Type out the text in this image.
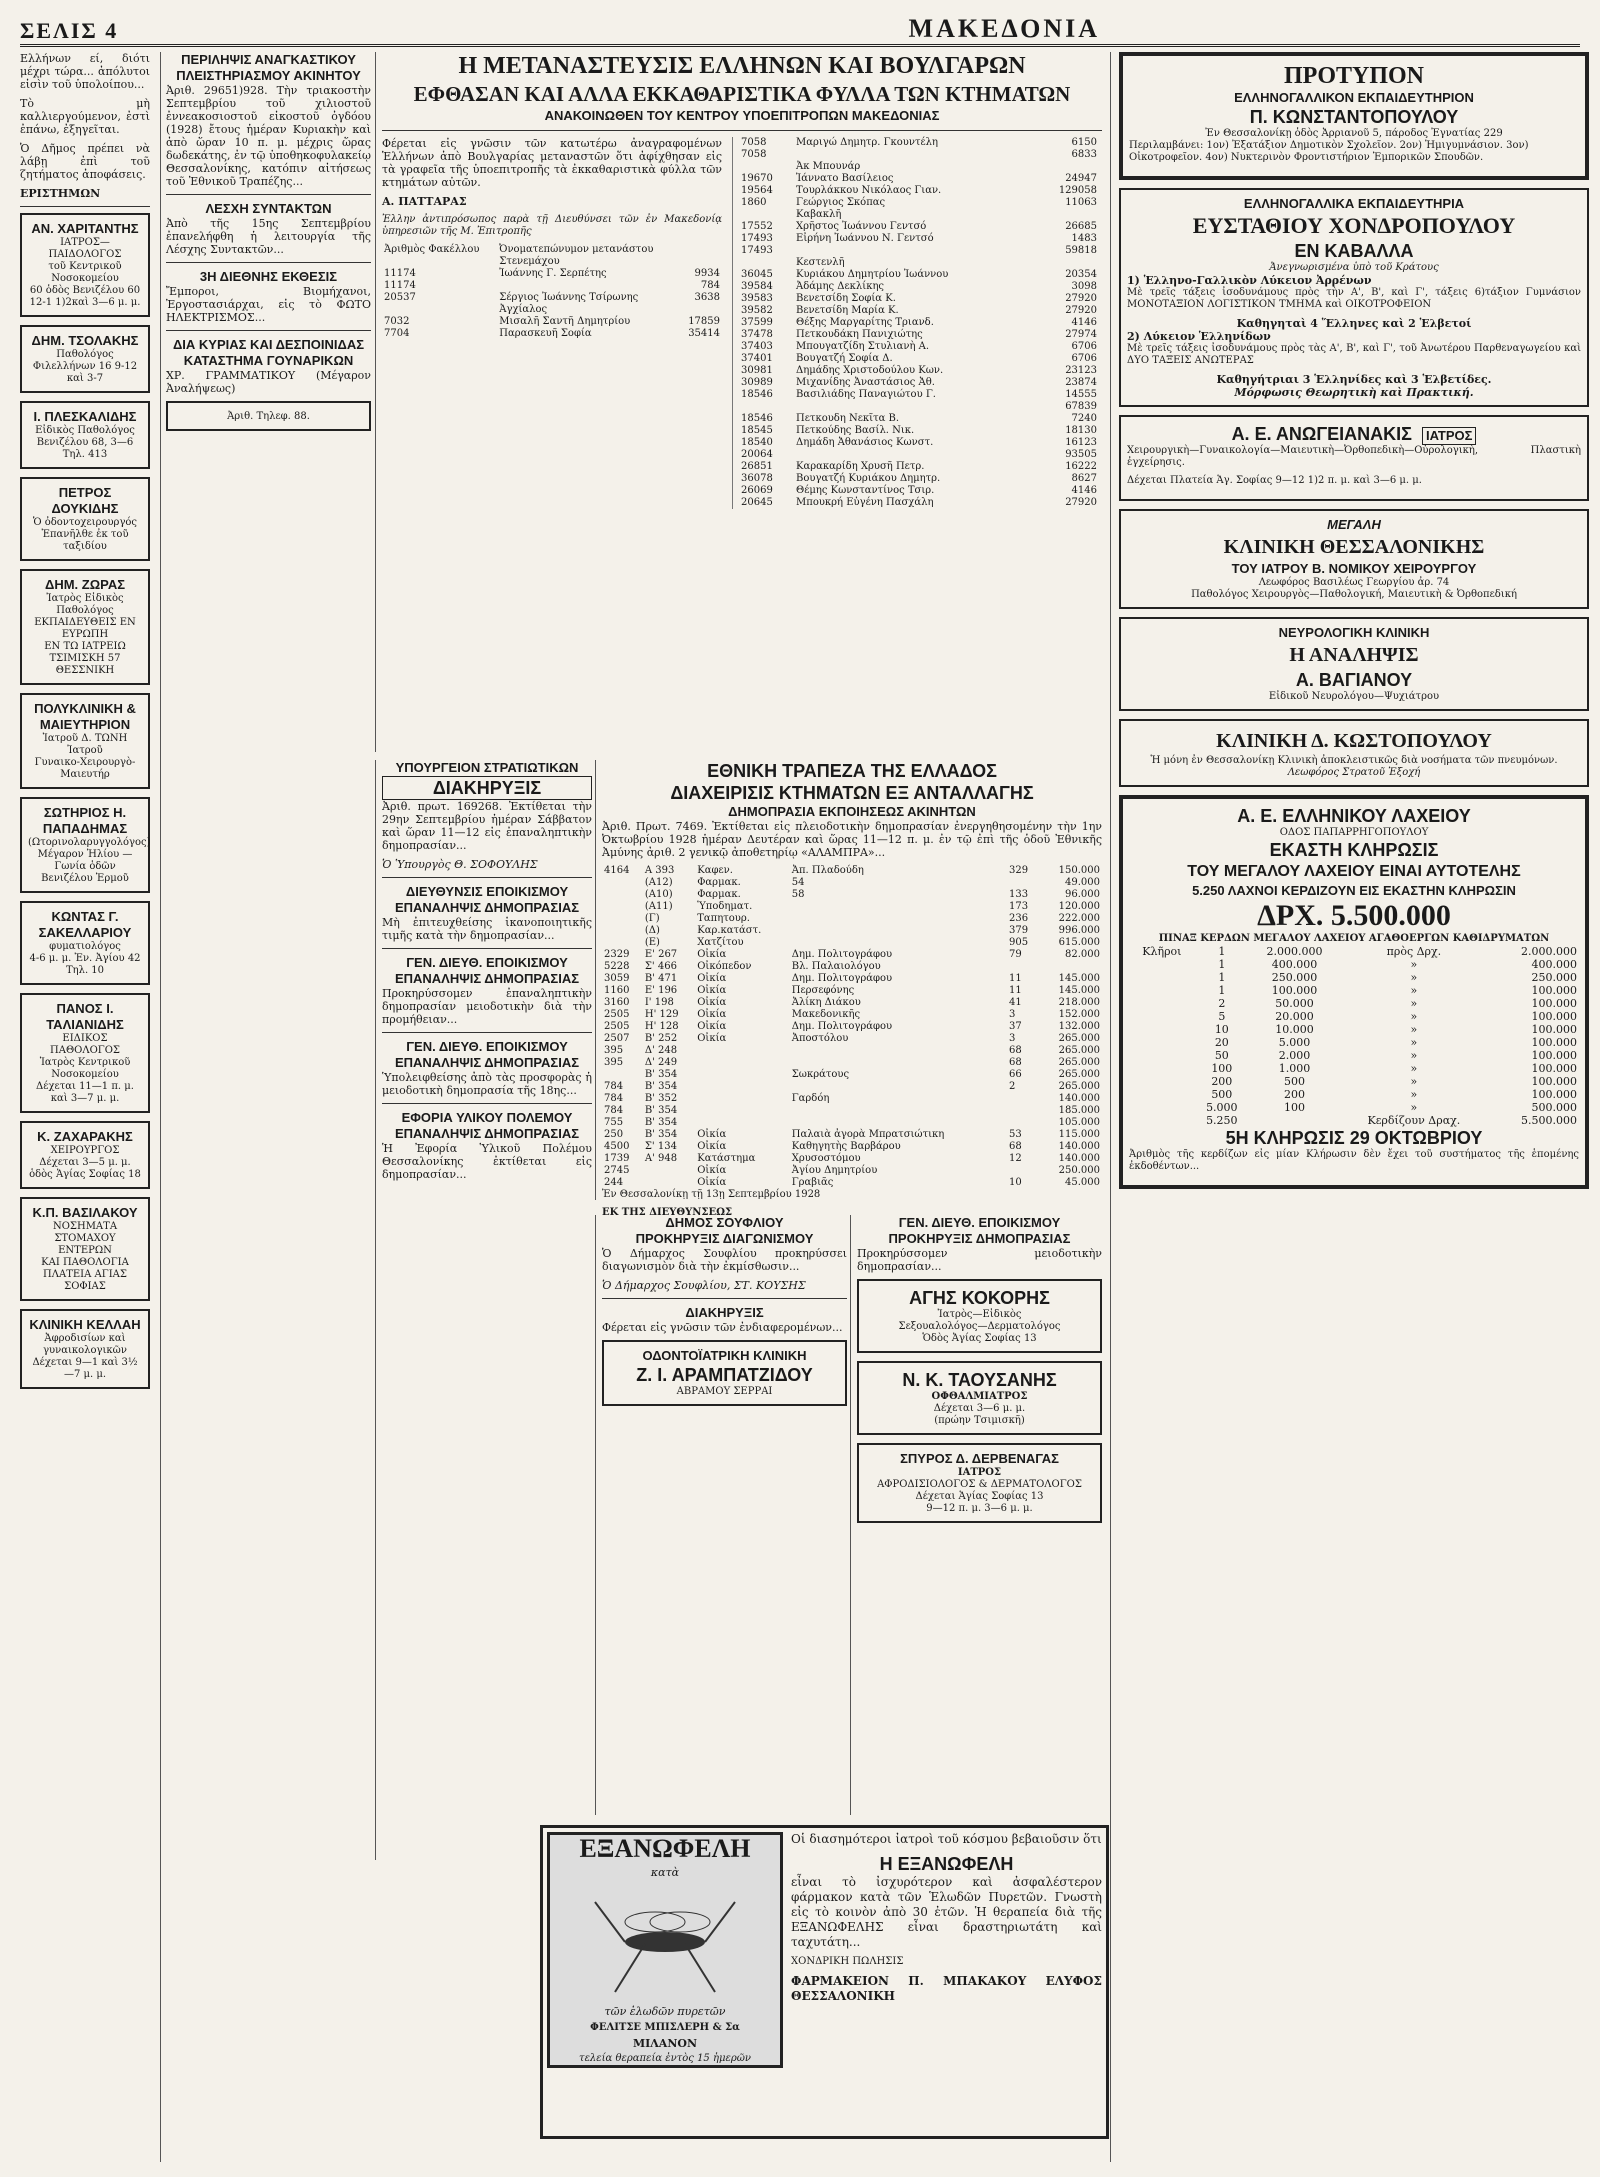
ΣΕΛΙΣ 4	ΜΑΚΕΔΟΝΙΑ

Ελλήνων εί, διότι μέχρι τώρα... ἀπόλυτοι εἰσὶν τοῦ ὑπολοίπου...

Τὸ μὴ καλλιεργούμενον, ἐστὶ ἐπάνω, ἐξηγεῖται.

Ὁ Δῆμος πρέπει νὰ λάβῃ ἐπὶ τοῦ ζητήματος ἀποφάσεις.

ΕΡΙΣΤΗΜΩΝ

ΑΝ. ΧΑΡΙΤΑΝΤΗΣ
ΙΑΤΡΟΣ—ΠΑΙΔΟΛΟΓΟΣ
τοῦ Κεντρικοῦ Νοσοκομείου
60 ὁδὸς Βενιζέλου 60
12-1 1)2καὶ 3—6 μ. μ.
ΔΗΜ. ΤΣΟΛΑΚΗΣ
Παθολόγος
Φιλελλήνων 16 9-12 καὶ 3-7
Ι. ΠΛΕΣΚΑΛΙΔΗΣ
Εἰδικὸς Παθολόγος
Βενιζέλου 68, 3—6 Τηλ. 413
ΠΕΤΡΟΣ ΔΟΥΚΙΔΗΣ
Ὁ ὀδοντοχειρουργός
Ἐπανῆλθε ἐκ τοῦ ταξιδίου
ΔΗΜ. ΖΩΡΑΣ
Ἰατρὸς Εἰδικὸς Παθολόγος
ΕΚΠΑΙΔΕΥΘΕΙΣ ΕΝ ΕΥΡΩΠΗ
ΕΝ ΤΩ ΙΑΤΡΕΙΩ
ΤΣΙΜΙΣΚΗ 57
ΘΕΣΣΝΙΚΗ
ΠΟΛΥΚΛΙΝΙΚΗ & ΜΑΙΕΥΤΗΡΙΟΝ
Ἰατροῦ Δ. ΤΩΝΗ Ἰατροῦ
Γυναικο-Χειρουργὸ-Μαιευτήρ
ΣΩΤΗΡΙΟΣ Η. ΠΑΠΑΔΗΜΑΣ
(Ωτορινολαρυγγολόγος)
Μέγαρον Ἠλίου — Γωνία ὁδῶν Βενιζέλου Ἑρμοῦ
ΚΩΝΤΑΣ Γ. ΣΑΚΕΛΛΑΡΙΟΥ
φυματιολόγος
4-6 μ. μ. Ἐν. Ἀγίου 42 Τηλ. 10
ΠΑΝΟΣ Ι. ΤΑΛΙΑΝΙΔΗΣ
ΕΙΔΙΚΟΣ ΠΑΘΟΛΟΓΟΣ
Ἰατρὸς Κεντρικοῦ Νοσοκομείου
Δέχεται 11—1 π. μ. καὶ 3—7 μ. μ.
Κ. ΖΑΧΑΡΑΚΗΣ
ΧΕΙΡΟΥΡΓΟΣ
Δέχεται 3—5 μ. μ.
ὁδὸς Ἁγίας Σοφίας 18
Κ.Π. ΒΑΣΙΛΑΚΟΥ
ΝΟΣΗΜΑΤΑ
ΣΤΟΜΑΧΟΥ ΕΝΤΕΡΩΝ
ΚΑΙ ΠΑΘΟΛΟΓΙΑ
ΠΛΑΤΕΙΑ ΑΓΙΑΣ ΣΟΦΙΑΣ
ΚΛΙΝΙΚΗ ΚΕΛΛΑΗ
Ἀφροδισίων καὶ γυναικολογικῶν
Δέχεται 9—1 καὶ 3½—7 μ. μ.
ΠΕΡΙΛΗΨΙΣ ΑΝΑΓΚΑΣΤΙΚΟΥ ΠΛΕΙΣΤΗΡΙΑΣΜΟΥ ΑΚΙΝΗΤΟΥ

Ἀριθ. 29651)928. Τὴν τριακοστὴν Σεπτεμβρίου τοῦ χιλιοστοῦ ἐννεακοσιοστοῦ εἰκοστοῦ ὀγδόου (1928) ἔτους ἡμέραν Κυριακὴν καὶ ἀπὸ ὥραν 10 π. μ. μέχρις ὥρας δωδεκάτης, ἐν τῷ ὑποθηκοφυλακείῳ Θεσσαλονίκης, κατόπιν αἰτήσεως τοῦ Ἐθνικοῦ Τραπέζης...

ΛΕΣΧΗ ΣΥΝΤΑΚΤΩΝ

Ἀπὸ τῆς 15ης Σεπτεμβρίου ἐπανελήφθη ἡ λειτουργία τῆς Λέσχης Συντακτῶν...

3Η ΔΙΕΘΝΗΣ ΕΚΘΕΣΙΣ

Ἔμποροι, Βιομήχανοι, Ἐργοστασιάρχαι, εἰς τὸ ΦΩΤΟ ΗΛΕΚΤΡΙΣΜΟΣ...

ΔΙΑ ΚΥΡΙΑΣ ΚΑΙ ΔΕΣΠΟΙΝΙΔΑΣ
ΚΑΤΑΣΤΗΜΑ ΓΟΥΝΑΡΙΚΩΝ

ΧΡ. ΓΡΑΜΜΑΤΙΚΟΥ (Μέγαρον Ἀναλήψεως)

Ἀριθ. Τηλεφ. 88.
Η ΜΕΤΑΝΑΣΤΕΥΣΙΣ ΕΛΛΗΝΩΝ ΚΑΙ ΒΟΥΛΓΑΡΩΝ
ΕΦΘΑΣΑΝ ΚΑΙ ΑΛΛΑ ΕΚΚΑΘΑΡΙΣΤΙΚΑ ΦΥΛΛΑ ΤΩΝ ΚΤΗΜΑΤΩΝ
ΑΝΑΚΟΙΝΩΘΕΝ ΤΟΥ ΚΕΝΤΡΟΥ ΥΠΟΕΠΙΤΡΟΠΩΝ ΜΑΚΕΔΟΝΙΑΣ

Φέρεται εἰς γνῶσιν τῶν κατωτέρω ἀναγραφομένων Ἑλλήνων ἀπὸ Βουλγαρίας μεταναστῶν ὅτι ἀφίχθησαν εἰς τὰ γραφεῖα τῆς ὑποεπιτροπῆς τὰ ἐκκαθαριστικὰ φύλλα τῶν κτημάτων αὐτῶν.

Α. ΠΑΤΤΑΡΑΣ

Ἐλλην ἀντιπρόσωπος παρὰ τῇ Διευθύνσει τῶν ἐν Μακεδονίᾳ ὑπηρεσιῶν τῆς Μ. Ἐπιτροπῆς

Ἀριθμὸς Φακέλλου	Ὀνοματεπώνυμον μετανάστου	
	Στενεμάχου	
11174	Ἰωάννης Γ. Σερπέτης	9934
11174		784
20537	Σέργιος Ἰωάννης Τσίρωνης	3638
	Ἀγχίαλος	
7032	Μισαλῆ Σαντῆ Δημητρίου	17859
7704	Παρασκευῆ Σοφία	35414
7058	Μαριγώ Δημητρ. Γκουντέλη	6150
7058		6833
	Ἀκ Μπουνάρ	
19670	Ἰάννατο Βασίλειος	24947
19564	Τουρλάκκου Νικόλαος Γιαν.	129058
1860	Γεώργιος Σκόπας	11063
	Καβακλῆ	
17552	Χρῆστος Ἰωάννου Γεντσό	26685
17493	Εἰρήνη Ἰωάννου Ν. Γεντσό	1483
17493		59818
	Κεστενλῆ	
36045	Κυριάκου Δημητρίου Ἰωάννου	20354
39584	Ἀδάμης Δεκλίκης	3098
39583	Βενετσίδη Σοφία Κ.	27920
39582	Βενετσίδη Μαρία Κ.	27920
37599	Θέξης Μαργαρίτης Τριανδ.	4146
37478	Πετκουδάκη Πανιχιώτης	27974
37403	Μπουγατζίδη Στυλιανὴ Α.	6706
37401	Βουγατζή Σοφία Δ.	6706
30981	Δημάδης Χριστοδούλου Κων.	23123
30989	Μιχανίδης Ἀναστάσιος Ἀθ.	23874
18546	Βασιλιάδης Παναγιώτου Γ.	14555
		67839
18546	Πετκουδη Νεκῖτα Β.	7240
18545	Πετκούδης Βασίλ. Νικ.	18130
18540	Δημάδη Ἀθανάσιος Κωνστ.	16123
20064		93505
26851	Καρακαρίδη Χρυσῆ Πετρ.	16222
36078	Βουγατζή Κυριάκου Δημητρ.	8627
26069	Θέμης Κωνσταντίνος Τσιρ.	4146
20645	Μπουκρή Εὐγένη Πασχάλη	27920
ΥΠΟΥΡΓΕΙΟΝ ΣΤΡΑΤΙΩΤΙΚΩΝ
ΔΙΑΚΗΡΥΞΙΣ

Ἀριθ. πρωτ. 169268. Ἐκτίθεται τὴν 29ην Σεπτεμβρίου ἡμέραν Σάββατον καὶ ὥραν 11—12 εἰς ἐπαναληπτικὴν δημοπρασίαν...

Ὁ Ὑπουργὸς Θ. ΣΟΦΟΥΛΗΣ

ΔΙΕΥΘΥΝΣΙΣ ΕΠΟΙΚΙΣΜΟΥ
ΕΠΑΝΑΛΗΨΙΣ ΔΗΜΟΠΡΑΣΙΑΣ

Μὴ ἐπιτευχθείσης ἱκανοποιητικῆς τιμῆς κατὰ τὴν δημοπρασίαν...

ΓΕΝ. ΔΙΕΥΘ. ΕΠΟΙΚΙΣΜΟΥ
ΕΠΑΝΑΛΗΨΙΣ ΔΗΜΟΠΡΑΣΙΑΣ

Προκηρύσσομεν ἐπαναληπτικὴν δημοπρασίαν μειοδοτικὴν διὰ τὴν προμήθειαν...

ΓΕΝ. ΔΙΕΥΘ. ΕΠΟΙΚΙΣΜΟΥ
ΕΠΑΝΑΛΗΨΙΣ ΔΗΜΟΠΡΑΣΙΑΣ

Ὑπολειφθείσης ἀπὸ τὰς προσφορὰς ἡ μειοδοτικὴ δημοπρασία τῆς 18ης...

ΕΦΟΡΙΑ ΥΛΙΚΟΥ ΠΟΛΕΜΟΥ
ΕΠΑΝΑΛΗΨΙΣ ΔΗΜΟΠΡΑΣΙΑΣ

Ἡ Ἐφορία Ὑλικοῦ Πολέμου Θεσσαλονίκης ἐκτίθεται εἰς δημοπρασίαν...

ΕΘΝΙΚΗ ΤΡΑΠΕΖΑ ΤΗΣ ΕΛΛΑΔΟΣ
ΔΙΑΧΕΙΡΙΣΙΣ ΚΤΗΜΑΤΩΝ ΕΞ ΑΝΤΑΛΛΑΓΗΣ
ΔΗΜΟΠΡΑΣΙΑ ΕΚΠΟΙΗΣΕΩΣ ΑΚΙΝΗΤΩΝ

Ἀριθ. Πρωτ. 7469. Ἐκτίθεται εἰς πλειοδοτικὴν δημοπρασίαν ἐνεργηθησομένην τὴν 1ην Ὀκτωβρίου 1928 ἡμέραν Δευτέραν καὶ ὥρας 11—12 π. μ. ἐν τῷ ἐπὶ τῆς ὁδοῦ Ἐθνικῆς Ἀμύνης ἀριθ. 2 γενικῷ ἀποθετηρίῳ «ΑΛΑΜΠΡΑ»...

4164	Α 393	Καφεν.	Ἀπ. Πλαδούδη	329	150.000
	(Α12)	Φαρμακ.	54		49.000
	(Α10)	Φαρμακ.	58	133	96.000
	(Α11)	Ὑποδηματ.		173	120.000
	(Γ)	Ταπητουρ.		236	222.000
	(Δ)	Καρ.κατάστ.		379	996.000
	(Ε)	Χατζίτου		905	615.000
2329	Ε' 267	Οἰκία	Δημ. Πολιτογράφου	79	82.000
5228	Σ' 466	Οἰκόπεδον	Βλ. Παλαιολόγου		
3059	Β' 471	Οἰκία	Δημ. Πολιτογράφου	11	145.000
1160	Ε' 196	Οἰκία	Περσεφόνης	11	145.000
3160	Ι' 198	Οἰκία	Ἀλίκη Διάκου	41	218.000
2505	Η' 129	Οἰκία	Μακεδονικῆς	3	152.000
2505	Η' 128	Οἰκία	Δημ. Πολιτογράφου	37	132.000
2507	Β' 252	Οἰκία	Ἀποστόλου	3	265.000
395	Δ' 248			68	265.000
395	Δ' 249			68	265.000
	Β' 354		Σωκράτους	66	265.000
784	Β' 354			2	265.000
784	Β' 352		Γαρδόη		140.000
784	Β' 354				185.000
755	Β' 354				105.000
250	Β' 354	Οἰκία	Παλαιὰ ἀγορὰ Μπρατσιώτικη	53	115.000
4500	Σ' 134	Οἰκία	Καθηγητὴς Βαρβάρου	68	140.000
1739	Α' 948	Κατάστημα	Χρυσοστόμου	12	140.000
2745		Οἰκία	Ἀγίου Δημητρίου		250.000
244		Οἰκία	Γραβιᾶς	10	45.000

Ἐν Θεσσαλονίκῃ τῇ 13ῃ Σεπτεμβρίου 1928

ΕΚ ΤΗΣ ΔΙΕΥΘΥΝΣΕΩΣ

ΔΗΜΟΣ ΣΟΥΦΛΙΟΥ
ΠΡΟΚΗΡΥΞΙΣ ΔΙΑΓΩΝΙΣΜΟΥ

Ὁ Δήμαρχος Σουφλίου προκηρύσσει διαγωνισμὸν διὰ τὴν ἐκμίσθωσιν...

Ὁ Δήμαρχος Σουφλίου, ΣΤ. ΚΟΥΣΗΣ

ΔΙΑΚΗΡΥΞΙΣ

Φέρεται εἰς γνῶσιν τῶν ἐνδιαφερομένων...

ΟΔΟΝΤΟΪΑΤΡΙΚΗ ΚΛΙΝΙΚΗ
Ζ. Ι. ΑΡΑΜΠΑΤΖΙΔΟΥ
ΑΒΡΑΜΟΥ ΣΕΡΡΑΙ
ΓΕΝ. ΔΙΕΥΘ. ΕΠΟΙΚΙΣΜΟΥ
ΠΡΟΚΗΡΥΞΙΣ ΔΗΜΟΠΡΑΣΙΑΣ

Προκηρύσσομεν μειοδοτικὴν δημοπρασίαν...

ΑΓΗΣ ΚΟΚΟΡΗΣ
Ἰατρὸς—Εἰδικὸς
Σεξουαλολόγος—Δερματολόγος
Ὁδὸς Ἀγίας Σοφίας 13
Ν. Κ. ΤΑΟΥΣΑΝΗΣ
ΟΦΘΑΛΜΙΑΤΡΟΣ
Δέχεται 3—6 μ. μ.
(πρώην Τσιμισκῆ)
ΣΠΥΡΟΣ Δ. ΔΕΡΒΕΝΑΓΑΣ
ΙΑΤΡΟΣ
ΑΦΡΟΔΙΣΙΟΛΟΓΟΣ & ΔΕΡΜΑΤΟΛΟΓΟΣ
Δέχεται Ἁγίας Σοφίας 13
9—12 π. μ. 3—6 μ. μ.
ΕΞΑΝΩΦΕΛΗ
κατὰ
τῶν ἑλωδῶν πυρετῶν
ΦΕΛΙΤΣΕ ΜΠΙΣΛΕΡΗ & Σα
ΜΙΛΑΝΟΝ
τελεία θεραπεία ἐντὸς 15 ἡμερῶν

Οἱ διασημότεροι ἰατροὶ τοῦ κόσμου βεβαιοῦσιν ὅτι

Η ΕΞΑΝΩΦΕΛΗ

εἶναι τὸ ἰσχυρότερον καὶ ἀσφαλέστερον φάρμακον κατὰ τῶν Ἑλωδῶν Πυρετῶν. Γνωστὴ εἰς τὸ κοινὸν ἀπὸ 30 ἐτῶν. Ἡ θεραπεία διὰ τῆς ΕΞΑΝΩΦΕΛΗΣ εἶναι δραστηριωτάτη καὶ ταχυτάτη...

ΧΟΝΔΡΙΚΗ ΠΩΛΗΣΙΣ

ΦΑΡΜΑΚΕΙΟΝ Π. ΜΠΑΚΑΚΟΥ ΕΛΥΦΟΣ ΘΕΣΣΑΛΟΝΙΚΗ

ΠΡΟΤΥΠΟΝ
ΕΛΛΗΝΟΓΑΛΛΙΚΟΝ ΕΚΠΑΙΔΕΥΤΗΡΙΟΝ
Π. ΚΩΝΣΤΑΝΤΟΠΟΥΛΟΥ
Ἐν Θεσσαλονίκῃ ὁδὸς Ἀρριανοῦ 5, πάροδος Ἐγνατίας 229

Περιλαμβάνει: 1ον) Ἐξατάξιον Δημοτικὸν Σχολεῖον. 2ον) Ἡμιγυμνάσιον. 3ον) Οἰκοτροφεῖον. 4ον) Νυκτερινὸν Φροντιστήριον Ἐμπορικῶν Σπουδῶν.

ΕΛΛΗΝΟΓΑΛΛΙΚΑ ΕΚΠΑΙΔΕΥΤΗΡΙΑ
ΕΥΣΤΑΘΙΟΥ ΧΟΝΔΡΟΠΟΥΛΟΥ
ΕΝ ΚΑΒΑΛΛΑ
Ἀνεγνωρισμένα ὑπὸ τοῦ Κράτους
1) Ἑλληνο-Γαλλικὸν Λύκειον Ἀρρένων

Μὲ τρεῖς τάξεις ἰσοδυνάμους πρὸς τὴν Α', Β', καὶ Γ', τάξεις 6)τάξιον Γυμνάσιον ΜΟΝΟΤΑΞΙΟΝ ΛΟΓΙΣΤΙΚΟΝ ΤΜΗΜΑ καὶ ΟΙΚΟΤΡΟΦΕΙΟΝ

Καθηγηταὶ 4 Ἕλληνες καὶ 2 Ἑλβετοί
2) Λύκειον Ἑλληνίδων

Μὲ τρεῖς τάξεις ἰσοδυνάμους πρὸς τὰς Α', Β', καὶ Γ', τοῦ Ἀνωτέρου Παρθεναγωγείου καὶ ΔΥΟ ΤΑΞΕΙΣ ΑΝΩΤΕΡΑΣ

Καθηγήτριαι 3 Ἑλληνίδες καὶ 3 Ἑλβετίδες.
Μόρφωσις Θεωρητικὴ καὶ Πρακτική.
Α. Ε. ΑΝΩΓΕΙΑΝΑΚΙΣ	ΙΑΤΡΟΣ

Χειρουργικὴ—Γυναικολογία—Μαιευτικὴ—Ὀρθοπεδικὴ—Οὐρολογικὴ, Πλαστικὴ ἐγχείρησις.

Δέχεται Πλατεία Ἁγ. Σοφίας 9—12 1)2 π. μ. καὶ 3—6 μ. μ.

ΜΕΓΑΛΗ
ΚΛΙΝΙΚΗ ΘΕΣΣΑΛΟΝΙΚΗΣ
ΤΟΥ ΙΑΤΡΟΥ Β. ΝΟΜΙΚΟΥ ΧΕΙΡΟΥΡΓΟΥ
Λεωφόρος Βασιλέως Γεωργίου ἀρ. 74
Παθολόγος Χειρουργὸς—Παθολογική, Μαιευτικὴ & Ὀρθοπεδική
ΝΕΥΡΟΛΟΓΙΚΗ ΚΛΙΝΙΚΗ
Η ΑΝΑΛΗΨΙΣ
Α. ΒΑΓΙΑΝΟΥ
Εἰδικοῦ Νευρολόγου—Ψυχιάτρου
ΚΛΙΝΙΚΗ Δ. ΚΩΣΤΟΠΟΥΛΟΥ
Ἡ μόνη ἐν Θεσσαλονίκῃ Κλινικὴ ἀποκλειστικῶς διὰ νοσήματα τῶν πνευμόνων.
Λεωφόρος Στρατοῦ Ἐξοχή
Α. Ε. ΕΛΛΗΝΙΚΟΥ ΛΑΧΕΙΟΥ
ΟΔΟΣ ΠΑΠΑΡΡΗΓΟΠΟΥΛΟΥ
ΕΚΑΣΤΗ ΚΛΗΡΩΣΙΣ
ΤΟΥ ΜΕΓΑΛΟΥ ΛΑΧΕΙΟΥ ΕΙΝΑΙ ΑΥΤΟΤΕΛΗΣ
5.250 ΛΑΧΝΟΙ ΚΕΡΔΙΖΟΥΝ ΕΙΣ ΕΚΑΣΤΗΝ ΚΛΗΡΩΣΙΝ
ΔΡΧ. 5.500.000
ΠΙΝΑΞ ΚΕΡΔΩΝ ΜΕΓΑΛΟΥ ΛΑΧΕΙΟΥ ΑΓΑΘΟΕΡΓΩΝ ΚΑΘΙΔΡΥΜΑΤΩΝ
Κλῆροι	1	2.000.000	πρὸς Δρχ.	2.000.000
	1	400.000	»	400.000
	1	250.000	»	250.000
	1	100.000	»	100.000
	2	50.000	»	100.000
	5	20.000	»	100.000
	10	10.000	»	100.000
	20	5.000	»	100.000
	50	2.000	»	100.000
	100	1.000	»	100.000
	200	500	»	100.000
	500	200	»	100.000
	5.000	100	»	500.000
	5.250		Κερδίζουν Δραχ.	5.500.000
5Η ΚΛΗΡΩΣΙΣ 29 ΟΚΤΩΒΡΙΟΥ

Ἀριθμὸς τῆς κερδίζων εἰς μίαν Κλήρωσιν δὲν ἔχει τοῦ συστήματος τῆς ἑπομένης ἐκδοθέντων...
